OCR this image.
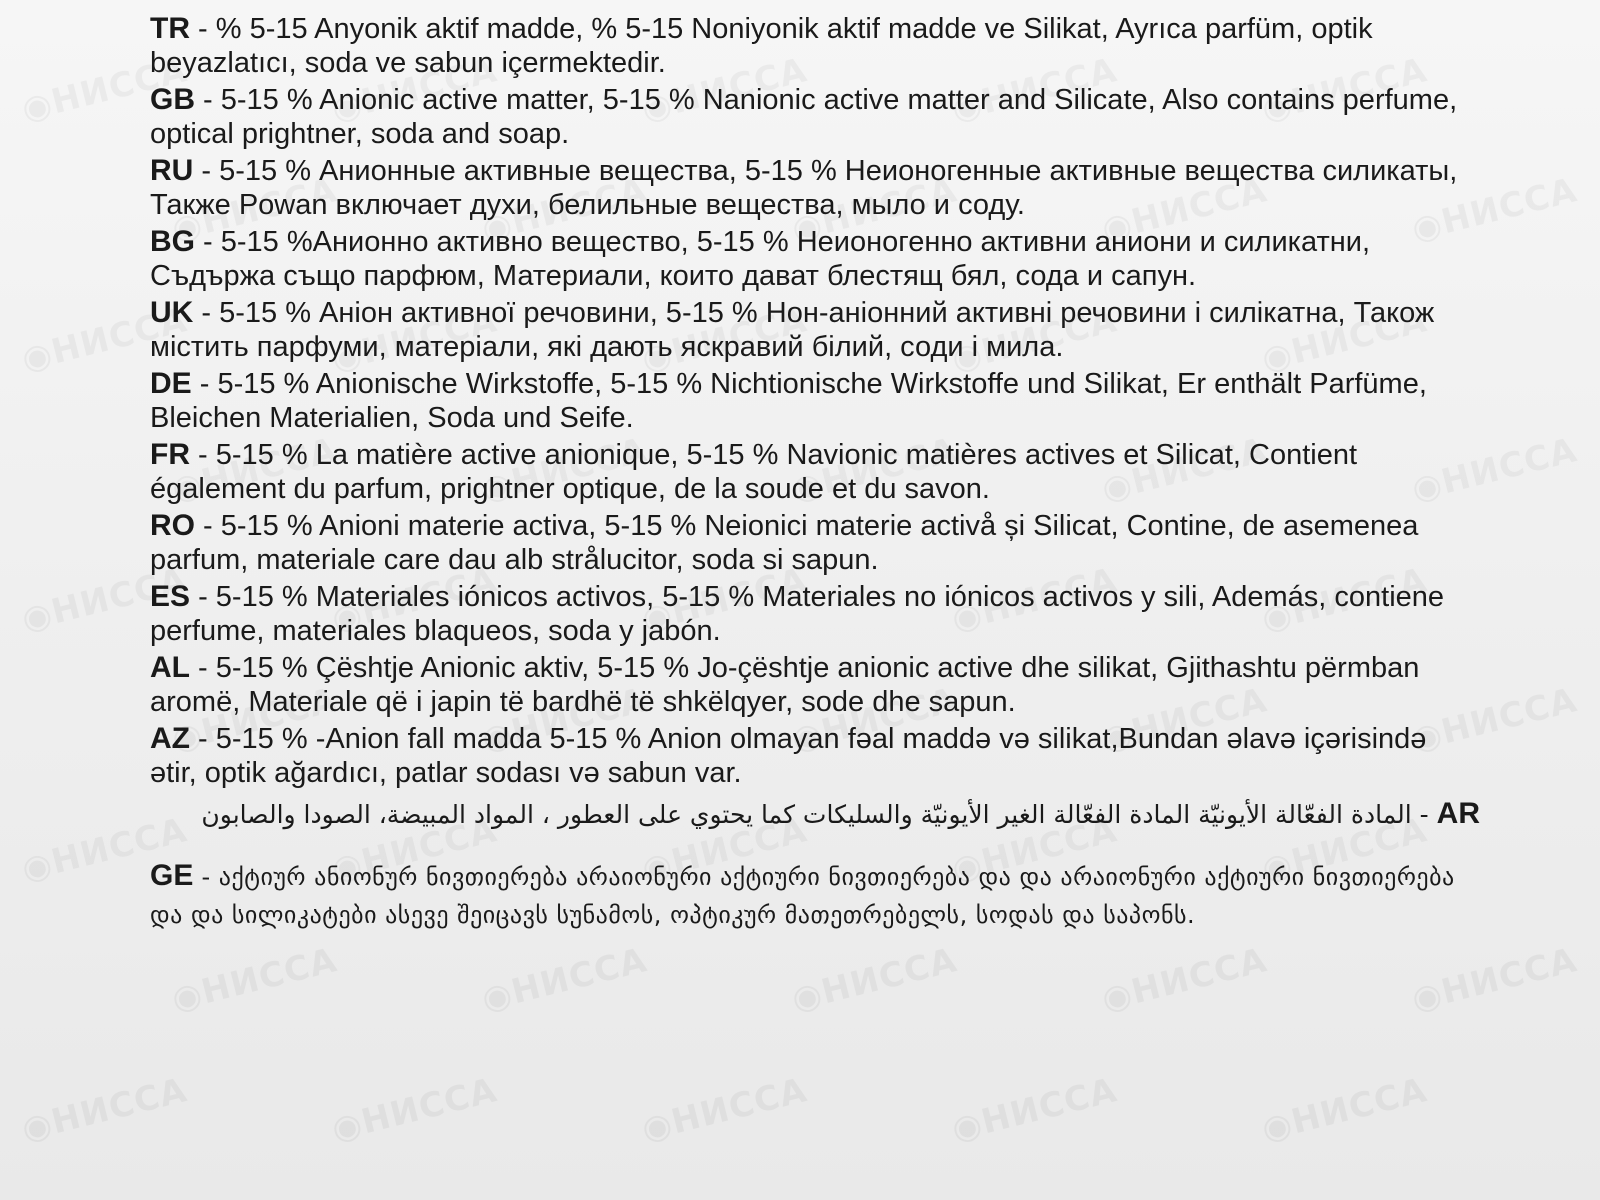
TR - % 5-15 Anyonik aktif madde, % 5-15 Noniyonik aktif madde ve Silikat, Ayrıca parfüm, optik beyazlatıcı, soda ve sabun içermektedir.

GB - 5-15 % Anionic active matter, 5-15 % Nanionic active matter and Silicate, Also contains perfume, optical prightner, soda and soap.

RU - 5-15 % Анионные активные вещества, 5-15 % Неионогенные активные вещества силикаты, Также Powan включает духи, белильные вещества, мыло и соду.

BG - 5-15 %Анионно активно вещество, 5-15 % Неионогенно активни аниони и силикатни, Съдържа също парфюм, Материали, които дават блестящ бял, сода и сапун.

UK - 5-15 % Аніон активної речовини, 5-15 % Нон-аніонний активні речовини і силікатна, Також містить парфуми, матеріали, які дають яскравий білий, соди і мила.

DE - 5-15 % Anionische Wirkstoffe, 5-15 % Nichtionische Wirkstoffe und Silikat, Er enthält Parfüme, Bleichen Materialien, Soda und Seife.

FR - 5-15 % La matière active anionique, 5-15 % Navionic matières actives et Silicat, Contient également du parfum, prightner optique, de la soude et du savon.

RO - 5-15 % Anioni materie activa, 5-15 % Neionici materie activå și Silicat, Contine, de asemenea parfum, materiale care dau alb strålucitor, soda si sapun.

ES - 5-15 % Materiales iónicos activos, 5-15 % Materiales no iónicos activos y sili, Además, contiene perfume, materiales blaqueos, soda y jabón.

AL - 5-15 % Çështje Anionic aktiv, 5-15 % Jo-çështje anionic active dhe silikat, Gjithashtu përmban aromë, Materiale që i japin të bardhë të shkëlqyer, sode dhe sapun.

AZ - 5-15 % -Anion fall madda 5-15 % Anion olmayan fəal maddə və silikat,Bundan əlavə içərisində ətir, optik ağardıcı, patlar sodası və sabun var.

AR - المادة الفعّالة الأيونيّة المادة الفعّالة الغير الأيونيّة والسليكات كما يحتوي على العطور ، المواد المبيضة، الصودا والصابون

GE - აქტიურ ანიონურ ნივთიერება არაიონური აქტიური ნივთიერება და და არაიონური აქტიური ნივთიერება და და სილიკატები ასევე შეიცავს სუნამოს, ოპტიკურ მათეთრებელს, სოდას და საპონს.
